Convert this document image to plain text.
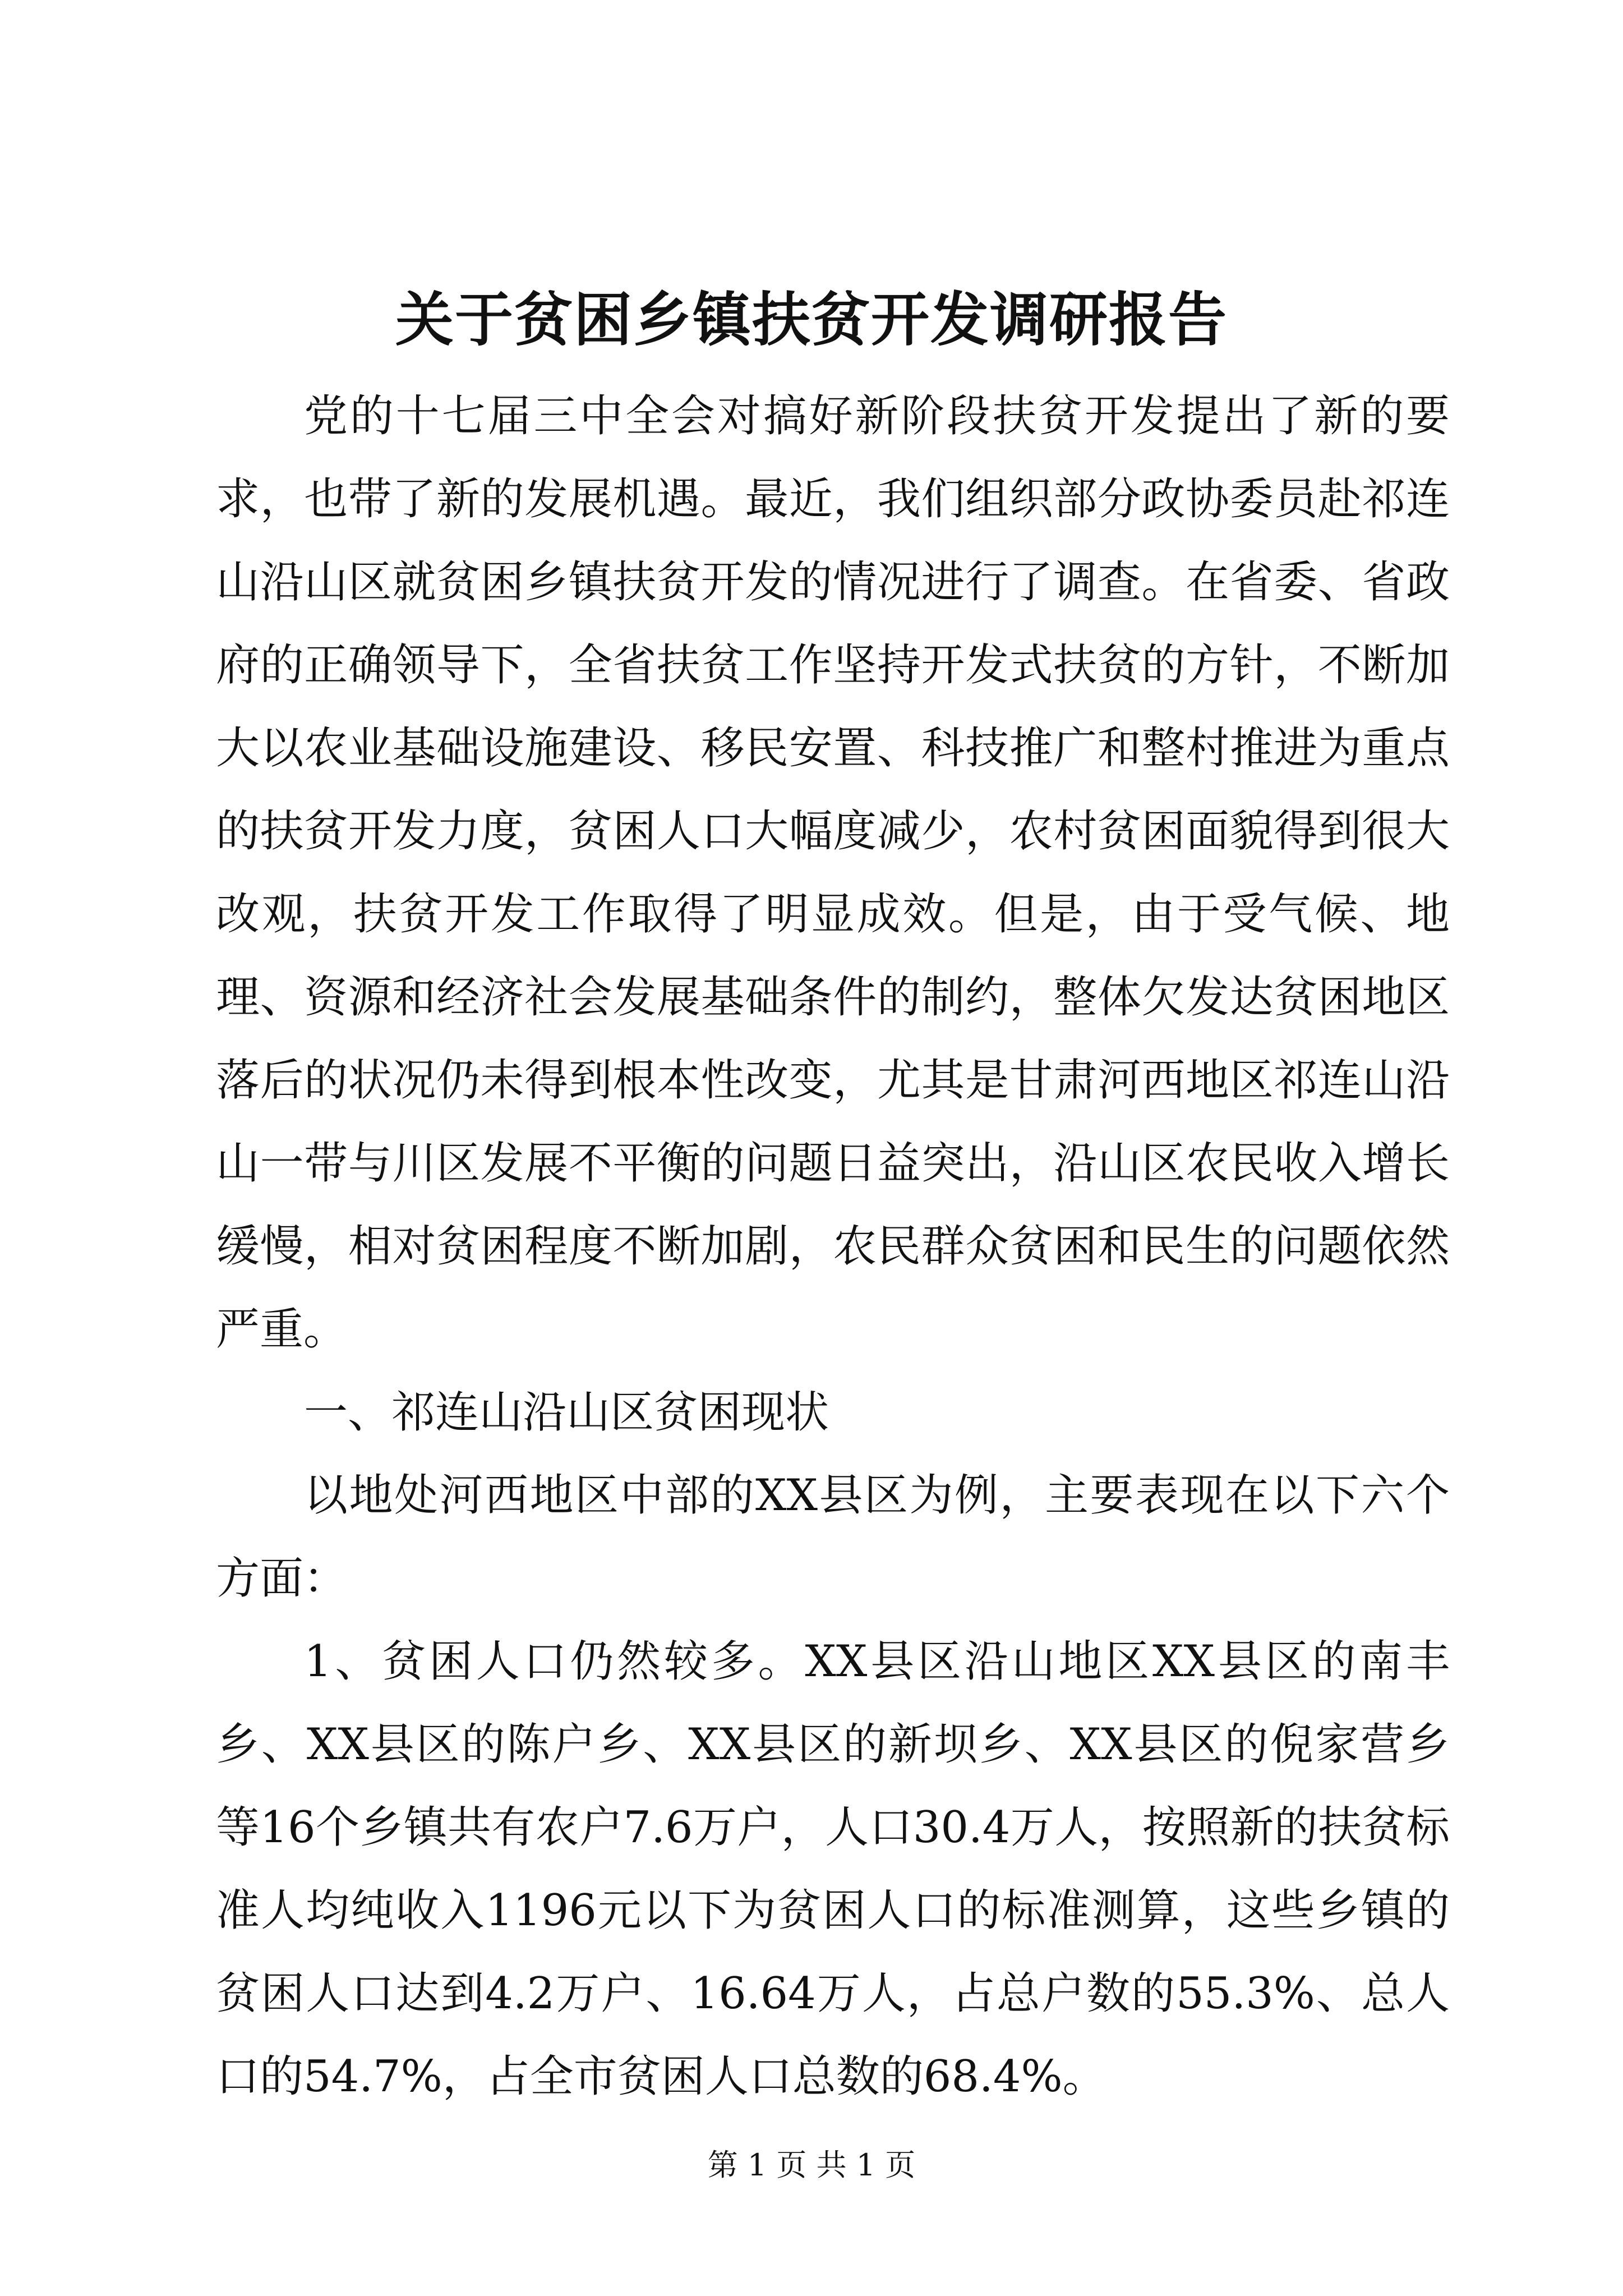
关于贫困乡镇扶贫开发调研报告

党的十七届三中全会对搞好新阶段扶贫开发提出了新的要求，也带了新的发展机遇。最近，我们组织部分政协委员赴祁连山沿山区就贫困乡镇扶贫开发的情况进行了调查。在省委、省政府的正确领导下，全省扶贫工作坚持开发式扶贫的方针，不断加大以农业基础设施建设、移民安置、科技推广和整村推进为重点的扶贫开发力度，贫困人口大幅度减少，农村贫困面貌得到很大改观，扶贫开发工作取得了明显成效。但是，由于受气候、地理、资源和经济社会发展基础条件的制约，整体欠发达贫困地区落后的状况仍未得到根本性改变，尤其是甘肃河西地区祁连山沿山一带与川区发展不平衡的问题日益突出，沿山区农民收入增长缓慢，相对贫困程度不断加剧，农民群众贫困和民生的问题依然严重。

一、祁连山沿山区贫困现状

以地处河西地区中部的XX县区为例，主要表现在以下六个方面：

1、贫困人口仍然较多。XX县区沿山地区XX县区的南丰乡、XX县区的陈户乡、XX县区的新坝乡、XX县区的倪家营乡等16个乡镇共有农户7.6万户，人口30.4万人，按照新的扶贫标准人均纯收入1196元以下为贫困人口的标准测算，这些乡镇的贫困人口达到4.2万户、16.64万人，占总户数的55.3%、总人口的54.7%，占全市贫困人口总数的68.4%。

第 1 页 共 1 页
